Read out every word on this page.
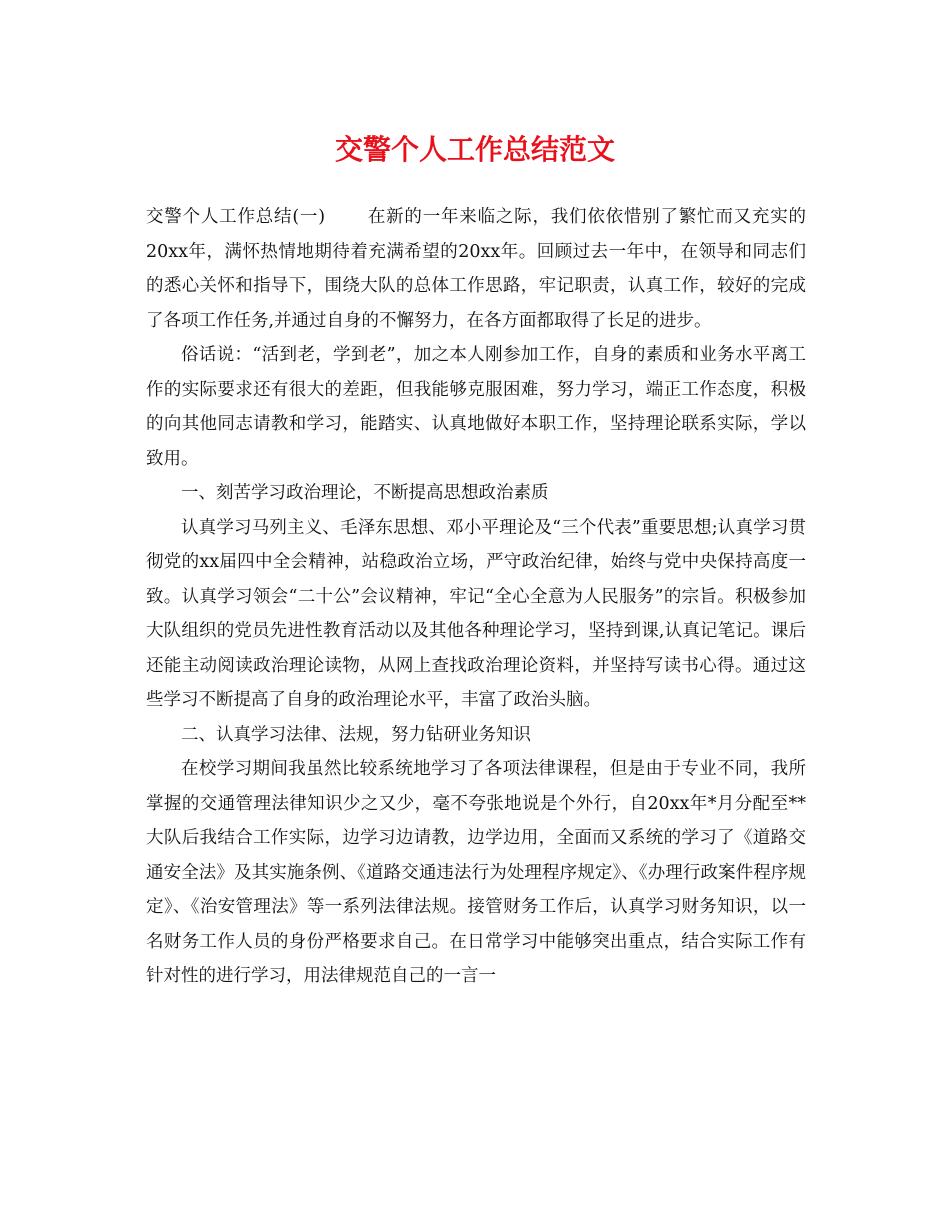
交警个人工作总结范文

交警个人工作总结(一) 在新的一年来临之际，我们依依惜别了繁忙而又充实的20xx年，满怀热情地期待着充满希望的20xx年。回顾过去一年中，在领导和同志们的悉心关怀和指导下，围绕大队的总体工作思路，牢记职责，认真工作，较好的完成了各项工作任务,并通过自身的不懈努力，在各方面都取得了长足的进步。

俗话说：“活到老，学到老”，加之本人刚参加工作，自身的素质和业务水平离工作的实际要求还有很大的差距，但我能够克服困难，努力学习，端正工作态度，积极的向其他同志请教和学习，能踏实、认真地做好本职工作，坚持理论联系实际，学以致用。

一、刻苦学习政治理论，不断提高思想政治素质

认真学习马列主义、毛泽东思想、邓小平理论及“三个代表”重要思想;认真学习贯彻党的xx届四中全会精神，站稳政治立场，严守政治纪律，始终与党中央保持高度一致。认真学习领会“二十公”会议精神，牢记“全心全意为人民服务”的宗旨。积极参加大队组织的党员先进性教育活动以及其他各种理论学习，坚持到课,认真记笔记。课后还能主动阅读政治理论读物，从网上查找政治理论资料，并坚持写读书心得。通过这些学习不断提高了自身的政治理论水平，丰富了政治头脑。

二、认真学习法律、法规，努力钻研业务知识

在校学习期间我虽然比较系统地学习了各项法律课程，但是由于专业不同，我所掌握的交通管理法律知识少之又少，毫不夸张地说是个外行，自20xx年*月分配至**大队后我结合工作实际，边学习边请教，边学边用，全面而又系统的学习了《道路交通安全法》及其实施条例、《道路交通违法行为处理程序规定》、《办理行政案件程序规定》、《治安管理法》等一系列法律法规。接管财务工作后，认真学习财务知识，以一名财务工作人员的身份严格要求自己。在日常学习中能够突出重点，结合实际工作有针对性的进行学习，用法律规范自己的一言一
